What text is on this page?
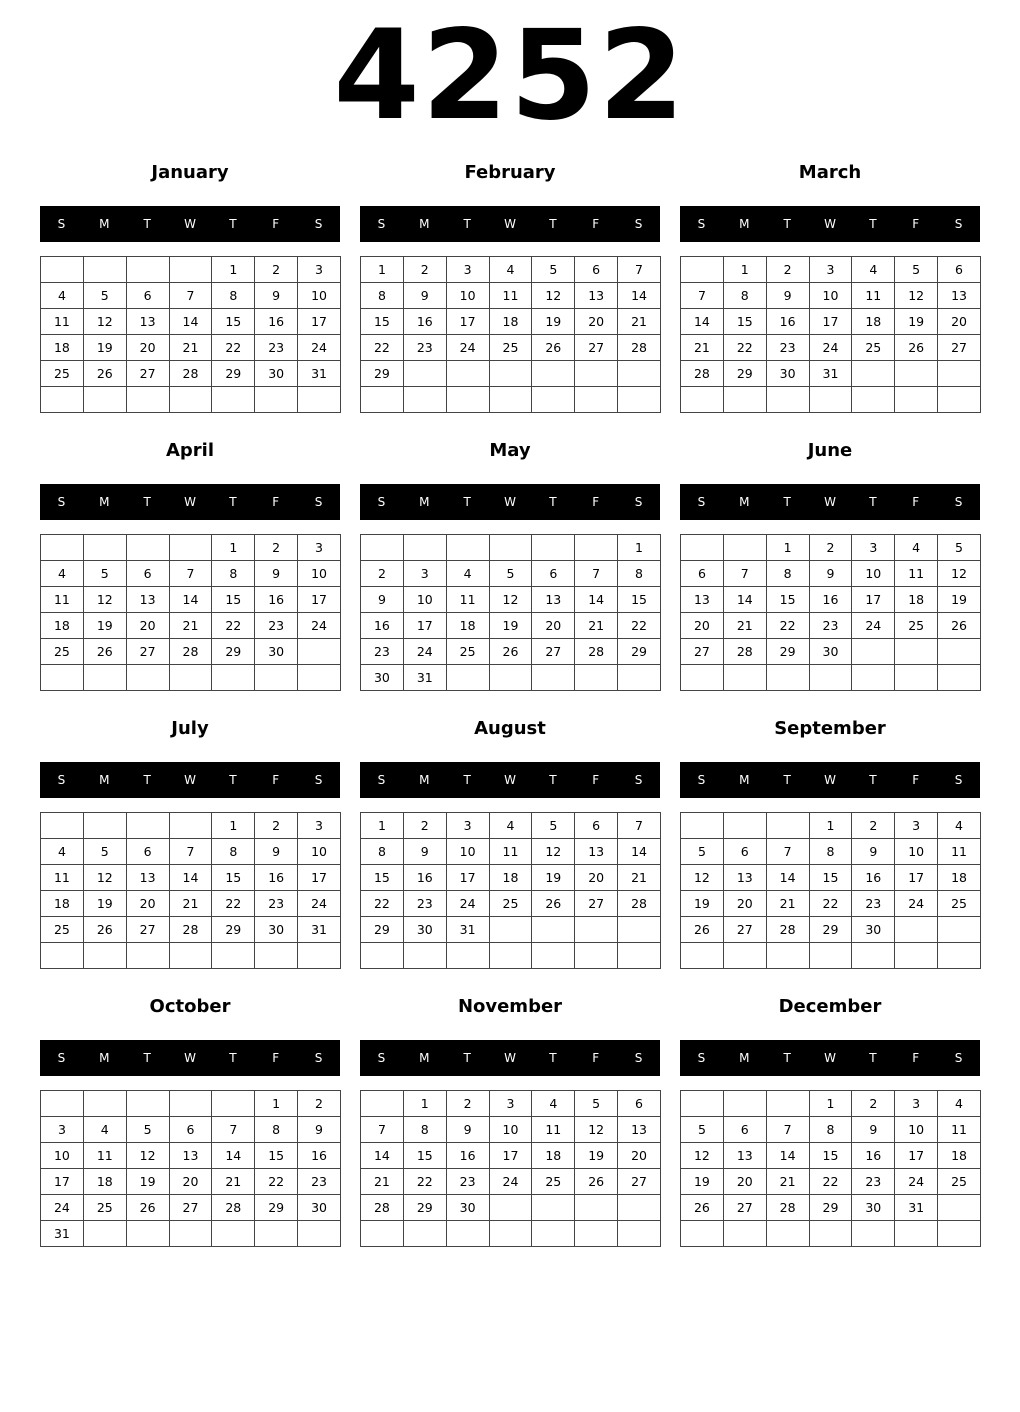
4252
January
S	M	T	W	T	F	S
				1	2	3
4	5	6	7	8	9	10
11	12	13	14	15	16	17
18	19	20	21	22	23	24
25	26	27	28	29	30	31

February
S	M	T	W	T	F	S
1	2	3	4	5	6	7
8	9	10	11	12	13	14
15	16	17	18	19	20	21
22	23	24	25	26	27	28
29						

March
S	M	T	W	T	F	S
	1	2	3	4	5	6
7	8	9	10	11	12	13
14	15	16	17	18	19	20
21	22	23	24	25	26	27
28	29	30	31			

April
S	M	T	W	T	F	S
				1	2	3
4	5	6	7	8	9	10
11	12	13	14	15	16	17
18	19	20	21	22	23	24
25	26	27	28	29	30	

May
S	M	T	W	T	F	S
						1
2	3	4	5	6	7	8
9	10	11	12	13	14	15
16	17	18	19	20	21	22
23	24	25	26	27	28	29
30	31					
June
S	M	T	W	T	F	S
		1	2	3	4	5
6	7	8	9	10	11	12
13	14	15	16	17	18	19
20	21	22	23	24	25	26
27	28	29	30			

July
S	M	T	W	T	F	S
				1	2	3
4	5	6	7	8	9	10
11	12	13	14	15	16	17
18	19	20	21	22	23	24
25	26	27	28	29	30	31

August
S	M	T	W	T	F	S
1	2	3	4	5	6	7
8	9	10	11	12	13	14
15	16	17	18	19	20	21
22	23	24	25	26	27	28
29	30	31				

September
S	M	T	W	T	F	S
			1	2	3	4
5	6	7	8	9	10	11
12	13	14	15	16	17	18
19	20	21	22	23	24	25
26	27	28	29	30		

October
S	M	T	W	T	F	S
					1	2
3	4	5	6	7	8	9
10	11	12	13	14	15	16
17	18	19	20	21	22	23
24	25	26	27	28	29	30
31						
November
S	M	T	W	T	F	S
	1	2	3	4	5	6
7	8	9	10	11	12	13
14	15	16	17	18	19	20
21	22	23	24	25	26	27
28	29	30				

December
S	M	T	W	T	F	S
			1	2	3	4
5	6	7	8	9	10	11
12	13	14	15	16	17	18
19	20	21	22	23	24	25
26	27	28	29	30	31	
